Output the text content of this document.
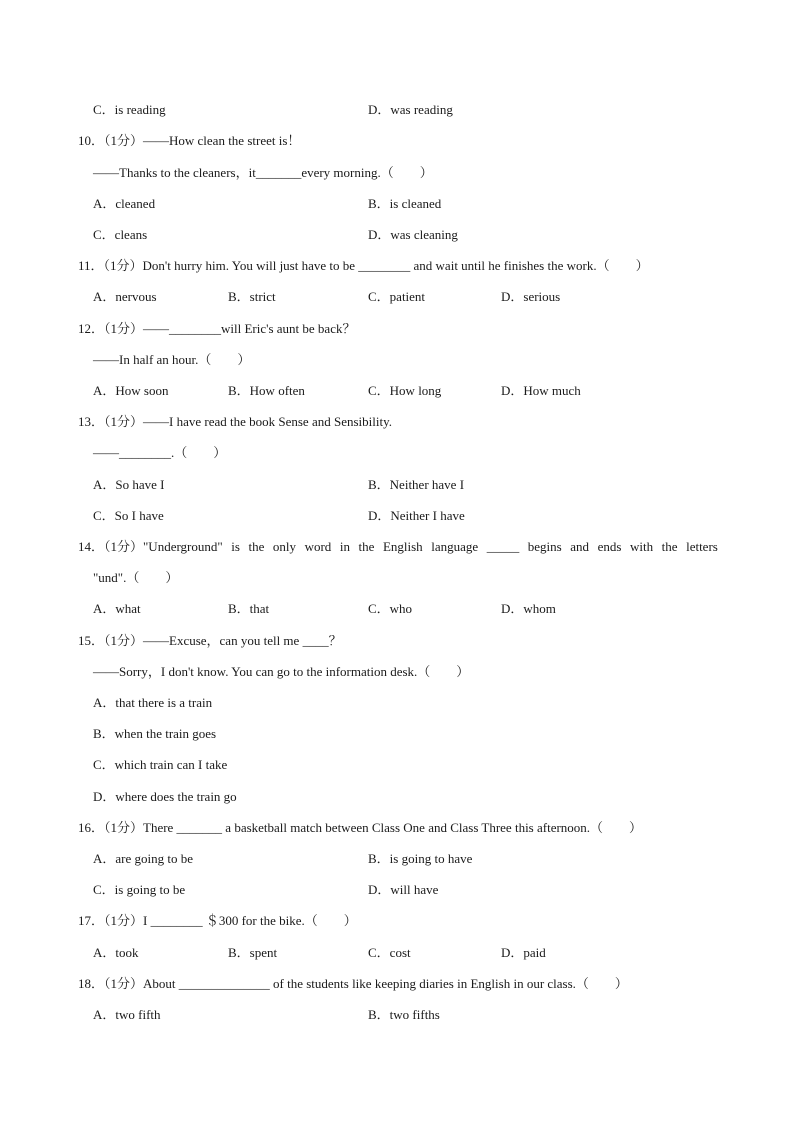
C．is reading	D．was reading
10．（1分）——How clean the street is！
——Thanks to the cleaners，it_______every morning.（　　）
A．cleaned	B．is cleaned
C．cleans	D．was cleaning
11．（1分）Don't hurry him. You will just have to be ________ and wait until he finishes the work.（　　）
A．nervous	B．strict	C．patient	D．serious
12．（1分）——________will Eric's aunt be back？
——In half an hour.（　　）
A．How soon	B．How often	C．How long	D．How much
13．（1分）——I have read the book Sense and Sensibility.
——________.（　　）
A．So have I	B．Neither have I
C．So I have	D．Neither I have
14．（1分）"Underground" is the only word in the English language _____ begins and ends with the letters
"und".（　　）
A．what	B．that	C．who	D．whom
15．（1分）——Excuse，can you tell me ____？
——Sorry，I don't know. You can go to the information desk.（　　）
A．that there is a train
B．when the train goes
C．which train can I take
D．where does the train go
16．（1分）There _______ a basketball match between Class One and Class Three this afternoon.（　　）
A．are going to be	B．is going to have
C．is going to be	D．will have
17．（1分）I ________ ＄300 for the bike.（　　）
A．took	B．spent	C．cost	D．paid
18．（1分）About ______________ of the students like keeping diaries in English in our class.（　　）
A．two fifth	B．two fifths
